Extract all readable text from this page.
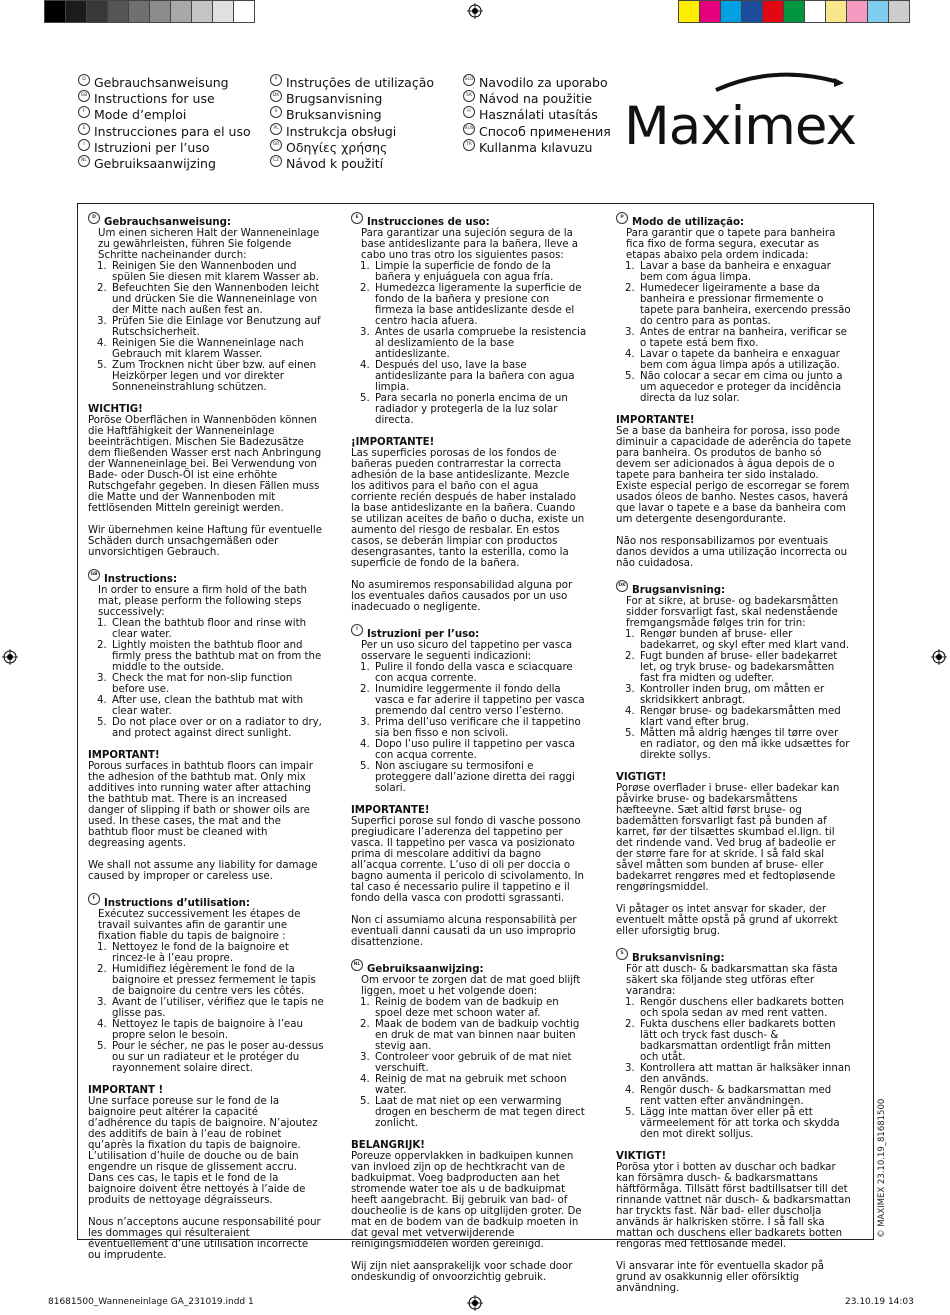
D Gebrauchsanweisung
GB Instructions for use
F Mode d’emploi
E Instrucciones para el uso
I Istruzioni per l’uso
NL Gebruiksaanwijzing
P Instruções de utilização
DK Brugsanvisning
S Bruksanvisning
PL Instrukcja obsługi
GR Οδηγίες χρήσης
CZ Návod k použití
SLO Navodilo za uporabo
SK Návod na použitie
H Használati utasítás
RUS Способ применения
TR Kullanma kılavuzu Maximex
D Gebrauchsanweisung:
Um einen sicheren Halt der Wanneneinlage zu gewährleisten, führen Sie folgende Schritte nacheinander durch:
1. Reinigen Sie den Wannenboden und spülen Sie diesen mit klarem Wasser ab.
2. Befeuchten Sie den Wannenboden leicht und drücken Sie die Wanneneinlage von der Mitte nach außen fest an.
3. Prüfen Sie die Einlage vor Benutzung auf Rutschsicherheit.
4. Reinigen Sie die Wanneneinlage nach Gebrauch mit klarem Wasser.
5. Zum Trocknen nicht über bzw. auf einen Heizkörper legen und vor direkter Sonneneinstrahlung schützen.
WICHTIG!

Poröse Oberflächen in Wannenböden können die Haftfähigkeit der Wanneneinlage beeinträchtigen. Mischen Sie Badezusätze dem fließenden Wasser erst nach Anbringung der Wanneneinlage bei. Bei Verwendung von Bade- oder Dusch-Öl ist eine erhöhte Rutschgefahr gegeben. In diesen Fällen muss die Matte und der Wannenboden mit fettlösenden Mitteln gereinigt werden.

Wir übernehmen keine Haftung für eventuelle Schäden durch unsachgemäßen oder unvorsichtigen Gebrauch.

GB Instructions:
In order to ensure a firm hold of the bath mat, please perform the following steps successively:
1. Clean the bathtub floor and rinse with clear water.
2. Lightly moisten the bathtub floor and firmly press the bathtub mat on from the middle to the outside.
3. Check the mat for non-slip function before use.
4. After use, clean the bathtub mat with clear water.
5. Do not place over or on a radiator to dry, and protect against direct sunlight.
IMPORTANT!

Porous surfaces in bathtub floors can impair the adhesion of the bathtub mat. Only mix additives into running water after attaching the bathtub mat. There is an increased danger of slipping if bath or shower oils are used. In these cases, the mat and the bathtub floor must be cleaned with degreasing agents.

We shall not assume any liability for damage caused by improper or careless use.

F Instructions d’utilisation:
Exécutez successivement les étapes de travail suivantes afin de garantir une fixation fiable du tapis de baignoire :
1. Nettoyez le fond de la baignoire et rincez-le à l’eau propre.
2. Humidifiez légèrement le fond de la baignoire et pressez fermement le tapis de baignoire du centre vers les côtés.
3. Avant de l’utiliser, vérifiez que le tapis ne glisse pas.
4. Nettoyez le tapis de baignoire à l’eau propre selon le besoin.
5. Pour le sécher, ne pas le poser au-dessus ou sur un radiateur et le protéger du rayonnement solaire direct.
IMPORTANT !

Une surface poreuse sur le fond de la baignoire peut altérer la capacité d’adhérence du tapis de baignoire. N’ajoutez des additifs de bain à l’eau de robinet qu’après la fixation du tapis de baignoire. L’utilisation d’huile de douche ou de bain engendre un risque de glissement accru. Dans ces cas, le tapis et le fond de la baignoire doivent être nettoyés à l’aide de produits de nettoyage dégraisseurs.

Nous n’acceptons aucune responsabilité pour les dommages qui résulteraient éventuellement d’une utilisation incorrecte ou imprudente.

E Instrucciones de uso:
Para garantizar una sujeción segura de la base antideslizante para la bañera, lleve a cabo uno tras otro los siguientes pasos:
1. Limpie la superficie de fondo de la bañera y enjuáguela con agua fría.
2. Humedezca ligeramente la superficie de fondo de la bañera y presione con firmeza la base antideslizante desde el centro hacia afuera.
3. Antes de usarla compruebe la resistencia al deslizamiento de la base antideslizante.
4. Después del uso, lave la base antideslizante para la bañera con agua limpia.
5. Para secarla no ponerla encima de un radiador y protegerla de la luz solar directa.
¡IMPORTANTE!

Las superficies porosas de los fondos de bañeras pueden contrarrestar la correcta adhesión de la base antideslizante. Mezcle los aditivos para el baño con el agua corriente recién después de haber instalado la base antideslizante en la bañera. Cuando se utilizan aceites de baño o ducha, existe un aumento del riesgo de resbalar. En estos casos, se deberán limpiar con productos desengrasantes, tanto la esterilla, como la superficie de fondo de la bañera.

No asumiremos responsabilidad alguna por los eventuales daños causados por un uso inadecuado o negligente.

I Istruzioni per l’uso:
Per un uso sicuro del tappetino per vasca osservare le seguenti indicazioni:
1. Pulire il fondo della vasca e sciacquare con acqua corrente.
2. Inumidire leggermente il fondo della vasca e far aderire il tappetino per vasca premendo dal centro verso l’esterno.
3. Prima dell’uso verificare che il tappetino sia ben fisso e non scivoli.
4. Dopo l’uso pulire il tappetino per vasca con acqua corrente.
5. Non asciugare su termosifoni e proteggere dall’azione diretta dei raggi solari.
IMPORTANTE!

Superfici porose sul fondo di vasche possono pregiudicare l’aderenza del tappetino per vasca. Il tappetino per vasca va posizionato prima di mescolare additivi da bagno all’acqua corrente. L’uso di oli per doccia o bagno aumenta il pericolo di scivolamento. In tal caso é necessario pulire il tappetino e il fondo della vasca con prodotti sgrassanti.

Non ci assumiamo alcuna responsabilità per eventuali danni causati da un uso improprio disattenzione.

NL Gebruiksaanwijzing:
Om ervoor te zorgen dat de mat goed blijft liggen, moet u het volgende doen:
1. Reinig de bodem van de badkuip en spoel deze met schoon water af.
2. Maak de bodem van de badkuip vochtig en druk de mat van binnen naar buiten stevig aan.
3. Controleer voor gebruik of de mat niet verschuift.
4. Reinig de mat na gebruik met schoon water.
5. Laat de mat niet op een verwarming drogen en bescherm de mat tegen direct zonlicht.
BELANGRIJK!

Poreuze oppervlakken in badkuipen kunnen van invloed zijn op de hechtkracht van de badkuipmat. Voeg badproducten aan het stromende water toe als u de badkuipmat heeft aangebracht. Bij gebruik van bad- of doucheolie is de kans op uitglijden groter. De mat en de bodem van de badkuip moeten in dat geval met vetverwijderende reinigingsmiddelen worden gereinigd.

Wij zijn niet aansprakelijk voor schade door ondeskundig of onvoorzichtig gebruik.

P Modo de utilização:
Para garantir que o tapete para banheira fica fixo de forma segura, executar as etapas abaixo pela ordem indicada:
1. Lavar a base da banheira e enxaguar bem com água limpa.
2. Humedecer ligeiramente a base da banheira e pressionar firmemente o tapete para banheira, exercendo pressão do centro para as pontas.
3. Antes de entrar na banheira, verificar se o tapete está bem fixo.
4. Lavar o tapete da banheira e enxaguar bem com água limpa após a utilização.
5. Não colocar a secar em cima ou junto a um aquecedor e proteger da incidência directa da luz solar.
IMPORTANTE!

Se a base da banheira for porosa, isso pode diminuir a capacidade de aderência do tapete para banheira. Os produtos de banho só devem ser adicionados à água depois de o tapete para banheira ter sido instalado. Existe especial perigo de escorregar se forem usados óleos de banho. Nestes casos, haverá que lavar o tapete e a base da banheira com um detergente desengordurante.

Não nos responsabilizamos por eventuais danos devidos a uma utilização incorrecta ou não cuidadosa.

DK Brugsanvisning:
For at sikre, at bruse- og badekarsmåtten sidder forsvarligt fast, skal nedenstående fremgangsmåde følges trin for trin:
1. Rengør bunden af bruse- eller badekarret, og skyl efter med klart vand.
2. Fugt bunden af bruse- eller badekarret let, og tryk bruse- og badekarsmåtten fast fra midten og udefter.
3. Kontroller inden brug, om måtten er skridsikkert anbragt.
4. Rengør bruse- og badekarsmåtten med klart vand efter brug.
5. Måtten må aldrig hænges til tørre over en radiator, og den må ikke udsættes for direkte sollys.
VIGTIGT!

Porøse overflader i bruse- eller badekar kan påvirke bruse- og badekarsmåttens hæfteevne. Sæt altid først bruse- og bademåtten forsvarligt fast på bunden af karret, før der tilsættes skumbad el.lign. til det rindende vand. Ved brug af badeolie er der større fare for at skride. I så fald skal såvel måtten som bunden af bruse- eller badekarret rengøres med et fedtopløsende rengøringsmiddel.

Vi påtager os intet ansvar for skader, der eventuelt måtte opstå på grund af ukorrekt eller uforsigtig brug.

S Bruksanvisning:
För att dusch- & badkarsmattan ska fästa säkert ska följande steg utföras efter varandra:
1. Rengör duschens eller badkarets botten och spola sedan av med rent vatten.
2. Fukta duschens eller badkarets botten lätt och tryck fast dusch- & badkarsmattan ordentligt från mitten och utåt.
3. Kontrollera att mattan är halksäker innan den används.
4. Rengör dusch- & badkarsmattan med rent vatten efter användningen.
5. Lägg inte mattan över eller på ett värmeelement för att torka och skydda den mot direkt solljus.
VIKTIGT!

Porösa ytor i botten av duschar och badkar kan försämra dusch- & badkarsmattans häftförmåga. Tillsätt först badtillsatser till det rinnande vattnet när dusch- & badkarsmattan har tryckts fast. När bad- eller duscholja används är halkrisken större. I så fall ska mattan och duschens eller badkarets botten rengöras med fettlösande medel.

Vi ansvarar inte för eventuella skador på grund av osakkunnig eller oförsiktig användning.

© MAXIMEX 23.10.19_81681500
81681500_Wanneneinlage GA_231019.indd 1	23.10.19 14:03
